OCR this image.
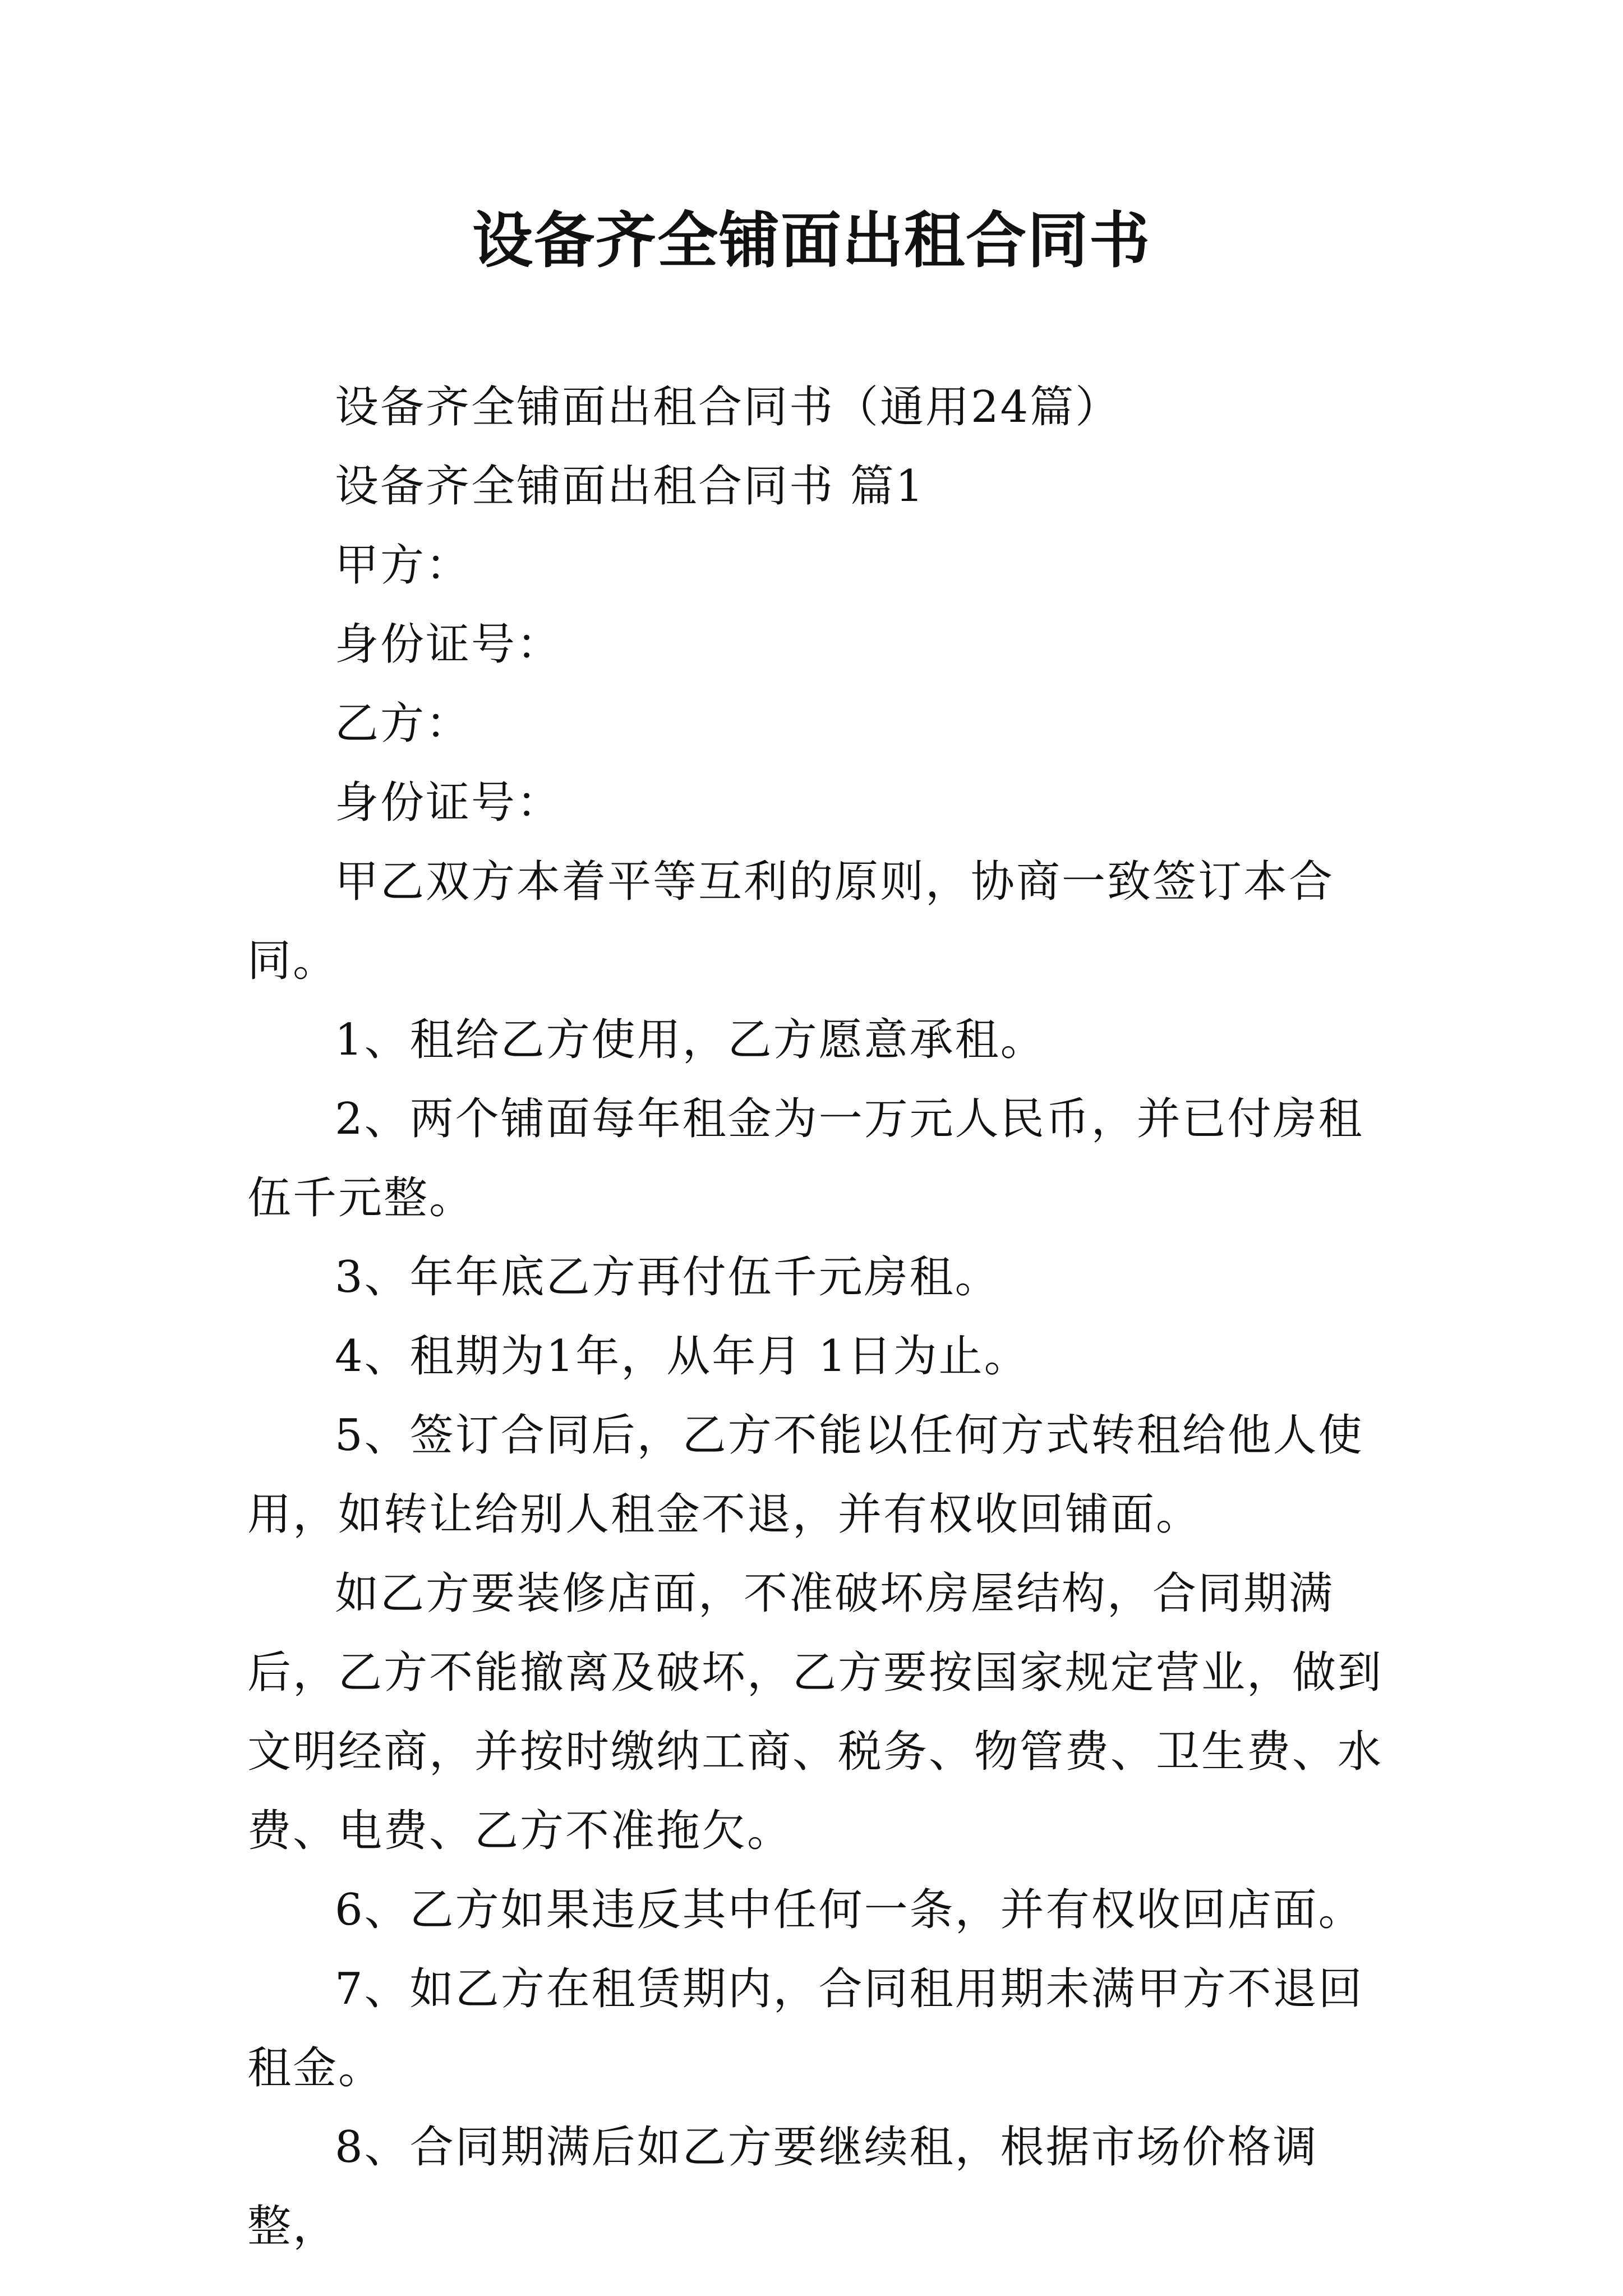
设备齐全铺面出租合同书

设备齐全铺面出租合同书（通用24篇）

设备齐全铺面出租合同书 篇1

甲方：

身份证号：

乙方：

身份证号：

甲乙双方本着平等互利的原则，协商一致签订本合同。

1、租给乙方使用，乙方愿意承租。

2、两个铺面每年租金为一万元人民币，并已付房租伍千元整。

3、年年底乙方再付伍千元房租。

4、租期为1年，从年月 1日为止。

5、签订合同后，乙方不能以任何方式转租给他人使用，如转让给别人租金不退，并有权收回铺面。

如乙方要装修店面，不准破坏房屋结构，合同期满后，乙方不能撤离及破坏，乙方要按国家规定营业，做到文明经商，并按时缴纳工商、税务、物管费、卫生费、水费、电费、乙方不准拖欠。

6、乙方如果违反其中任何一条，并有权收回店面。

7、如乙方在租赁期内，合同租用期未满甲方不退回租金。

8、合同期满后如乙方要继续租，根据市场价格调整，
